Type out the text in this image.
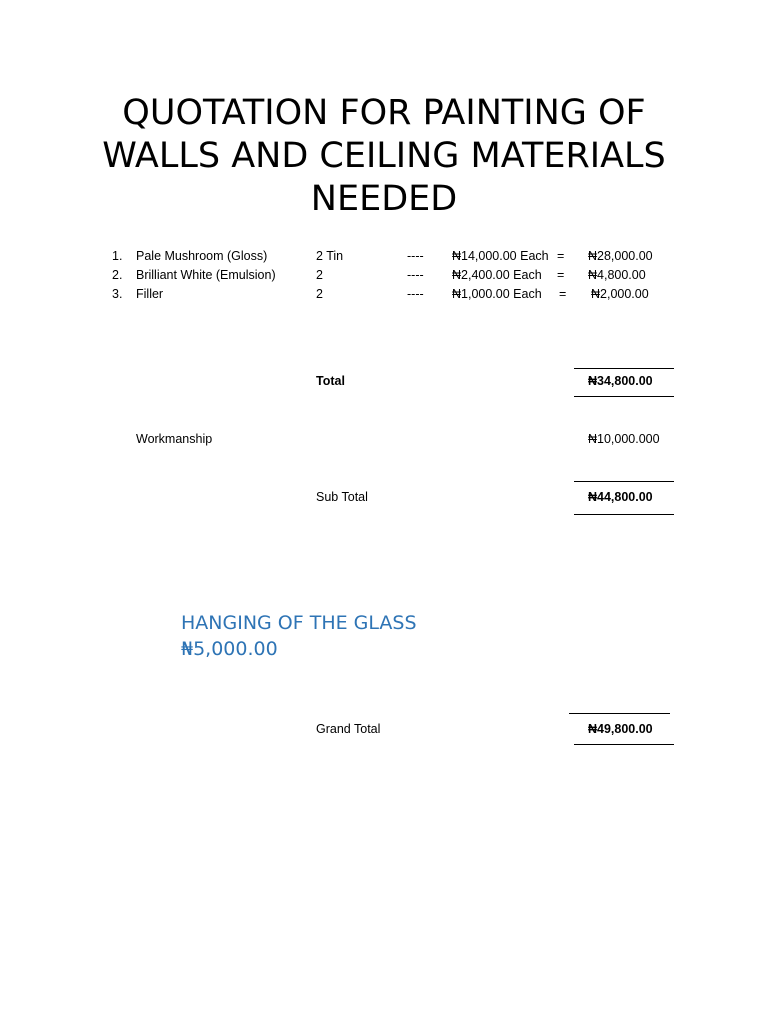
QUOTATION FOR PAINTING OF WALLS AND CEILING MATERIALS NEEDED
1. Pale Mushroom (Gloss)	2 Tin	---- ₦14,000.00 Each = ₦28,000.00
2. Brilliant White (Emulsion)	2	---- ₦2,400.00 Each = ₦4,800.00
3. Filler	2	---- ₦1,000.00 Each = ₦2,000.00
Total	₦34,800.00
Workmanship	₦10,000.000
Sub Total	₦44,800.00
HANGING OF THE GLASS
₦5,000.00
Grand Total	₦49,800.00
